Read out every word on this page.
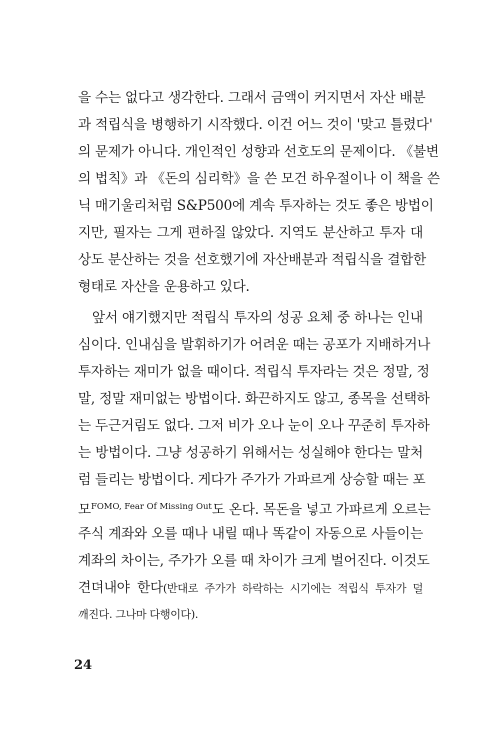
을 수는 없다고 생각한다. 그래서 금액이 커지면서 자산 배분
과 적립식을 병행하기 시작했다. 이건 어느 것이 '맞고 틀렸다'
의 문제가 아니다. 개인적인 성향과 선호도의 문제이다. 《불변
의 법칙》과 《돈의 심리학》을 쓴 모건 하우절이나 이 책을 쓴
닉 매기울리처럼 S&P500에 계속 투자하는 것도 좋은 방법이
지만, 필자는 그게 편하질 않았다. 지역도 분산하고 투자 대
상도 분산하는 것을 선호했기에 자산배분과 적립식을 결합한
형태로 자산을 운용하고 있다.
앞서 얘기했지만 적립식 투자의 성공 요체 중 하나는 인내
심이다. 인내심을 발휘하기가 어려운 때는 공포가 지배하거나
투자하는 재미가 없을 때이다. 적립식 투자라는 것은 정말, 정
말, 정말 재미없는 방법이다. 화끈하지도 않고, 종목을 선택하
는 두근거림도 없다. 그저 비가 오나 눈이 오나 꾸준히 투자하
는 방법이다. 그냥 성공하기 위해서는 성실해야 한다는 말처
럼 들리는 방법이다. 게다가 주가가 가파르게 상승할 때는 포
모$^{FOMO, Fear Of Missing Out}$도 온다. 목돈을 넣고 가파르게 오르는
주식 계좌와 오를 때나 내릴 때나 똑같이 자동으로 사들이는
계좌의 차이는, 주가가 오를 때 차이가 크게 벌어진다. 이것도
견뎌내야 한다(반대로 주가가 하락하는 시기에는 적립식 투자가 덜
깨진다. 그나마 다행이다).
24
